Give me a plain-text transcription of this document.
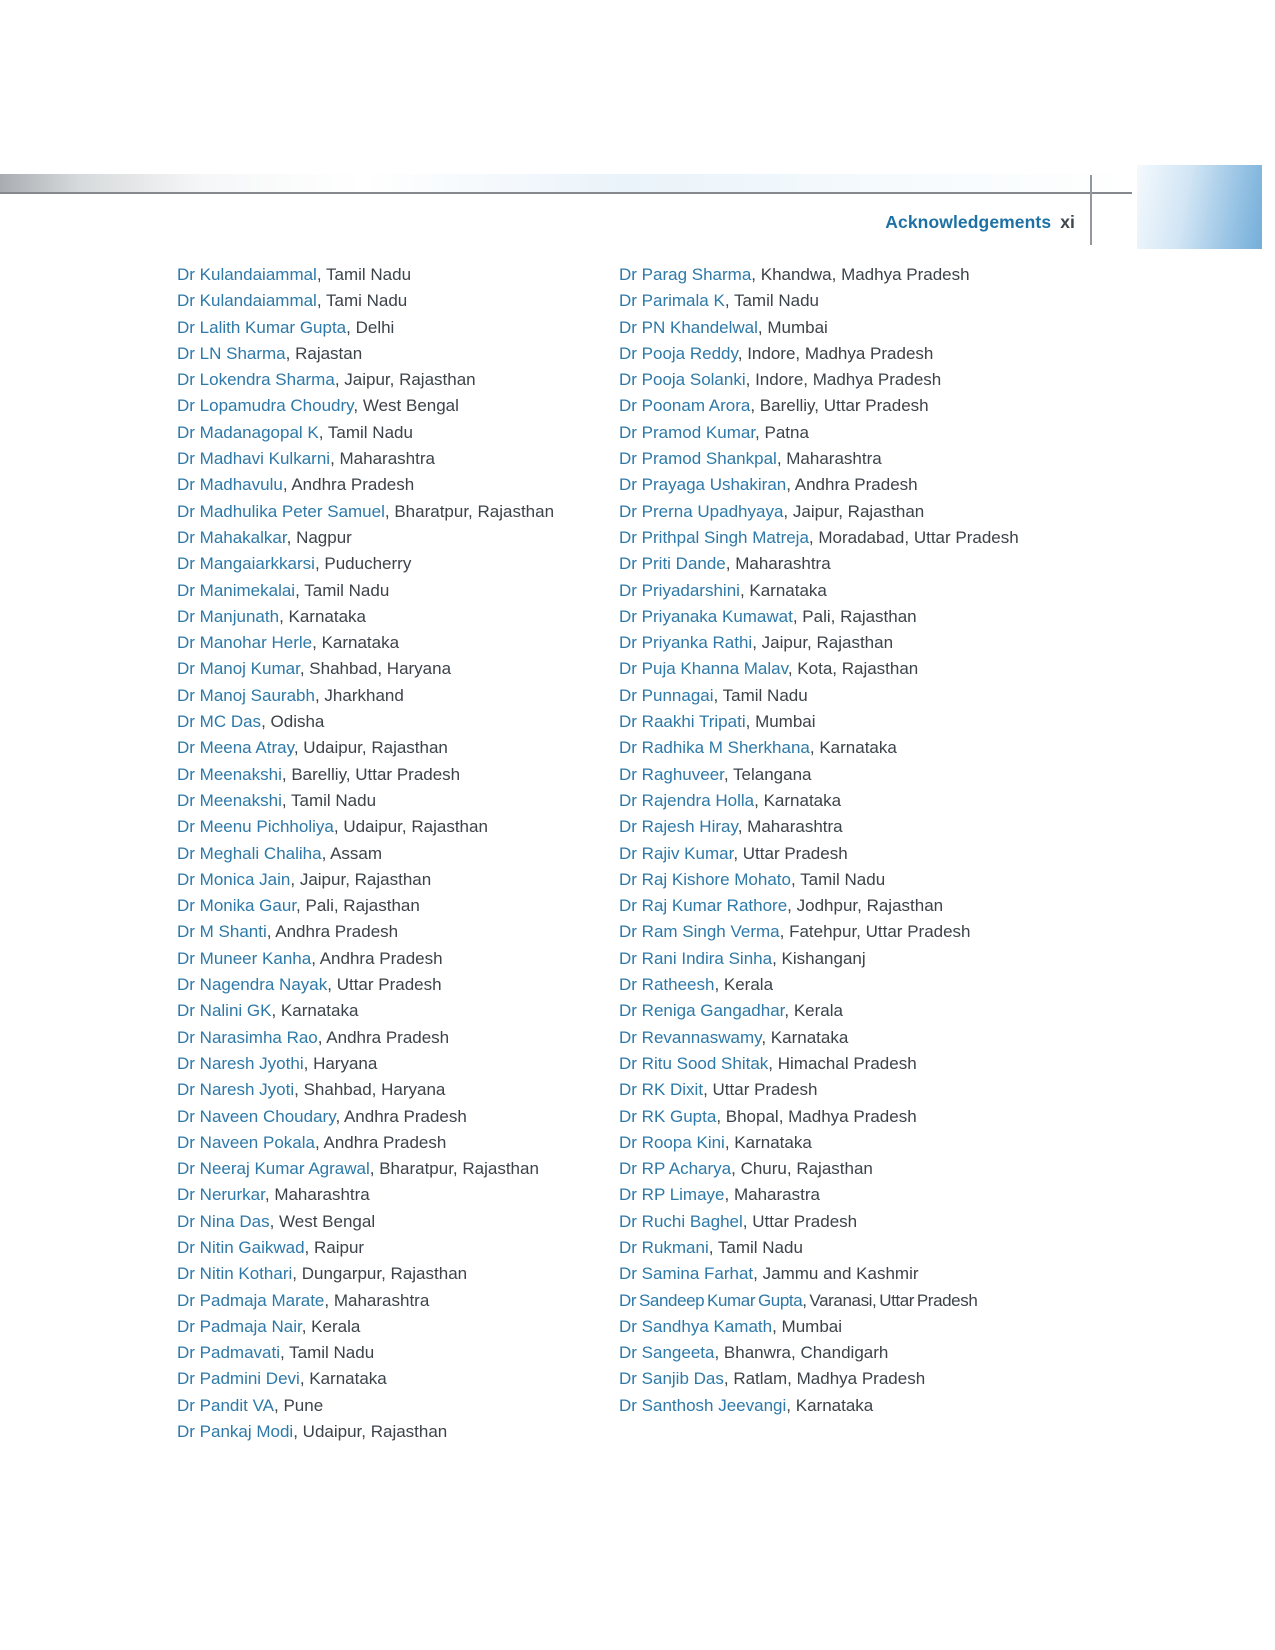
Acknowledgements xi
Dr Kulandaiammal, Tamil Nadu
Dr Kulandaiammal, Tami Nadu
Dr Lalith Kumar Gupta, Delhi
Dr LN Sharma, Rajastan
Dr Lokendra Sharma, Jaipur, Rajasthan
Dr Lopamudra Choudry, West Bengal
Dr Madanagopal K, Tamil Nadu
Dr Madhavi Kulkarni, Maharashtra
Dr Madhavulu, Andhra Pradesh
Dr Madhulika Peter Samuel, Bharatpur, Rajasthan
Dr Mahakalkar, Nagpur
Dr Mangaiarkkarsi, Puducherry
Dr Manimekalai, Tamil Nadu
Dr Manjunath, Karnataka
Dr Manohar Herle, Karnataka
Dr Manoj Kumar, Shahbad, Haryana
Dr Manoj Saurabh, Jharkhand
Dr MC Das, Odisha
Dr Meena Atray, Udaipur, Rajasthan
Dr Meenakshi, Barelliy, Uttar Pradesh
Dr Meenakshi, Tamil Nadu
Dr Meenu Pichholiya, Udaipur, Rajasthan
Dr Meghali Chaliha, Assam
Dr Monica Jain, Jaipur, Rajasthan
Dr Monika Gaur, Pali, Rajasthan
Dr M Shanti, Andhra Pradesh
Dr Muneer Kanha, Andhra Pradesh
Dr Nagendra Nayak, Uttar Pradesh
Dr Nalini GK, Karnataka
Dr Narasimha Rao, Andhra Pradesh
Dr Naresh Jyothi, Haryana
Dr Naresh Jyoti, Shahbad, Haryana
Dr Naveen Choudary, Andhra Pradesh
Dr Naveen Pokala, Andhra Pradesh
Dr Neeraj Kumar Agrawal, Bharatpur, Rajasthan
Dr Nerurkar, Maharashtra
Dr Nina Das, West Bengal
Dr Nitin Gaikwad, Raipur
Dr Nitin Kothari, Dungarpur, Rajasthan
Dr Padmaja Marate, Maharashtra
Dr Padmaja Nair, Kerala
Dr Padmavati, Tamil Nadu
Dr Padmini Devi, Karnataka
Dr Pandit VA, Pune
Dr Pankaj Modi, Udaipur, Rajasthan
Dr Parag Sharma, Khandwa, Madhya Pradesh
Dr Parimala K, Tamil Nadu
Dr PN Khandelwal, Mumbai
Dr Pooja Reddy, Indore, Madhya Pradesh
Dr Pooja Solanki, Indore, Madhya Pradesh
Dr Poonam Arora, Barelliy, Uttar Pradesh
Dr Pramod Kumar, Patna
Dr Pramod Shankpal, Maharashtra
Dr Prayaga Ushakiran, Andhra Pradesh
Dr Prerna Upadhyaya, Jaipur, Rajasthan
Dr Prithpal Singh Matreja, Moradabad, Uttar Pradesh
Dr Priti Dande, Maharashtra
Dr Priyadarshini, Karnataka
Dr Priyanaka Kumawat, Pali, Rajasthan
Dr Priyanka Rathi, Jaipur, Rajasthan
Dr Puja Khanna Malav, Kota, Rajasthan
Dr Punnagai, Tamil Nadu
Dr Raakhi Tripati, Mumbai
Dr Radhika M Sherkhana, Karnataka
Dr Raghuveer, Telangana
Dr Rajendra Holla, Karnataka
Dr Rajesh Hiray, Maharashtra
Dr Rajiv Kumar, Uttar Pradesh
Dr Raj Kishore Mohato, Tamil Nadu
Dr Raj Kumar Rathore, Jodhpur, Rajasthan
Dr Ram Singh Verma, Fatehpur, Uttar Pradesh
Dr Rani Indira Sinha, Kishanganj
Dr Ratheesh, Kerala
Dr Reniga Gangadhar, Kerala
Dr Revannaswamy, Karnataka
Dr Ritu Sood Shitak, Himachal Pradesh
Dr RK Dixit, Uttar Pradesh
Dr RK Gupta, Bhopal, Madhya Pradesh
Dr Roopa Kini, Karnataka
Dr RP Acharya, Churu, Rajasthan
Dr RP Limaye, Maharastra
Dr Ruchi Baghel, Uttar Pradesh
Dr Rukmani, Tamil Nadu
Dr Samina Farhat, Jammu and Kashmir
Dr Sandeep Kumar Gupta, Varanasi, Uttar Pradesh
Dr Sandhya Kamath, Mumbai
Dr Sangeeta, Bhanwra, Chandigarh
Dr Sanjib Das, Ratlam, Madhya Pradesh
Dr Santhosh Jeevangi, Karnataka
